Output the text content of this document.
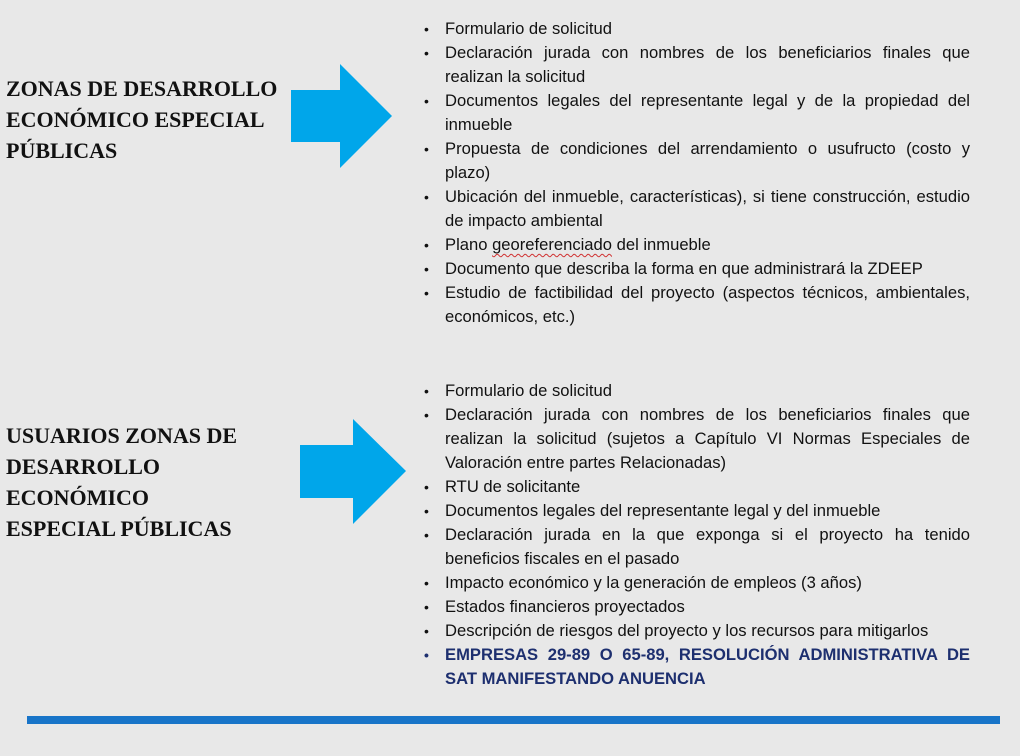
ZONAS DE DESARROLLO
ECONÓMICO ESPECIAL
PÚBLICAS
• Formulario de solicitud
• Declaración jurada con nombres de los beneficiarios finales que realizan la solicitud
• Documentos legales del representante legal y de la propiedad del inmueble
• Propuesta de condiciones del arrendamiento o usufructo (costo y plazo)
• Ubicación del inmueble, características), si tiene construcción, estudio de impacto ambiental
• Plano georeferenciado del inmueble
• Documento que describa la forma en que administrará la ZDEEP
• Estudio de factibilidad del proyecto (aspectos técnicos, ambientales, económicos, etc.)
USUARIOS ZONAS DE
DESARROLLO ECONÓMICO
ESPECIAL PÚBLICAS
• Formulario de solicitud
• Declaración jurada con nombres de los beneficiarios finales que realizan la solicitud (sujetos a Capítulo VI Normas Especiales de Valoración entre partes Relacionadas)
• RTU de solicitante
• Documentos legales del representante legal y del inmueble
• Declaración jurada en la que exponga si el proyecto ha tenido beneficios fiscales en el pasado
• Impacto económico y la generación de empleos (3 años)
• Estados financieros proyectados
• Descripción de riesgos del proyecto y los recursos para mitigarlos
• EMPRESAS 29-89 O 65-89, RESOLUCIÓN ADMINISTRATIVA DE SAT MANIFESTANDO ANUENCIA
